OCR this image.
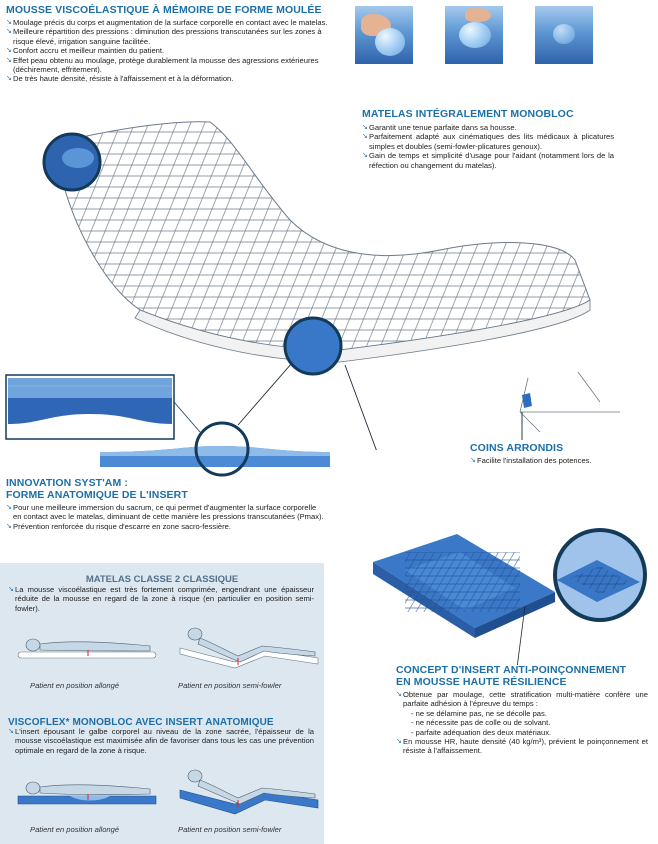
MOUSSE VISCOÉLASTIQUE À MÉMOIRE DE FORME MOULÉE

↘ Moulage précis du corps et augmentation de la surface corporelle en contact avec le matelas.
↘ Meilleure répartition des pressions : diminution des pressions transcutanées sur les zones à risque élevé, irrigation sanguine facilitée.
↘ Confort accru et meilleur maintien du patient.
↘ Effet peau obtenu au moulage, protège durablement la mousse des agressions extérieures (déchirement, effritement).
↘ De très haute densité, résiste à l'affaissement et à la déformation.

MATELAS INTÉGRALEMENT MONOBLOC

↘ Garantit une tenue parfaite dans sa housse.
↘ Parfaitement adapté aux cinématiques des lits médicaux à plicatures simples et doubles (semi-fowler-plicatures genoux).
↘ Gain de temps et simplicité d'usage pour l'aidant (notamment lors de la réfection ou changement du matelas).

COINS ARRONDIS

↘ Facilite l'installation des potences.

INNOVATION SYST'AM :

FORME ANATOMIQUE DE L'INSERT

↘ Pour une meilleure immersion du sacrum, ce qui permet d'augmenter la surface corporelle en contact avec le matelas, diminuant de cette manière les pressions transcutanées (Pmax).
↘ Prévention renforcée du risque d'escarre en zone sacro-fessière.

CONCEPT D'INSERT ANTI-POINÇONNEMENT

EN MOUSSE HAUTE RÉSILIENCE

↘ Obtenue par moulage, cette stratification multi-matière confère une parfaite adhésion à l'épreuve du temps :
- ne se délamine pas, ne se décolle pas.
- ne nécessite pas de colle ou de solvant.
- parfaite adéquation des deux matériaux.
↘ En mousse HR, haute densité (40 kg/m³), prévient le poinçonnement et résiste à l'affaissement.
MATELAS CLASSE 2 CLASSIQUE
↘ La mousse viscoélastique est très fortement comprimée, engendrant une épaisseur réduite de la mousse en regard de la zone à risque (en particulier en position semi-fowler).
Patient en position allongé	Patient en position semi-fowler
VISCOFLEX* MONOBLOC AVEC INSERT ANATOMIQUE
↘ L'insert épousant le galbe corporel au niveau de la zone sacrée, l'épaisseur de la mousse viscoélastique est maximisée afin de favoriser dans tous les cas une prévention optimale en regard de la zone à risque.
Patient en position allongé	Patient en position semi-fowler
